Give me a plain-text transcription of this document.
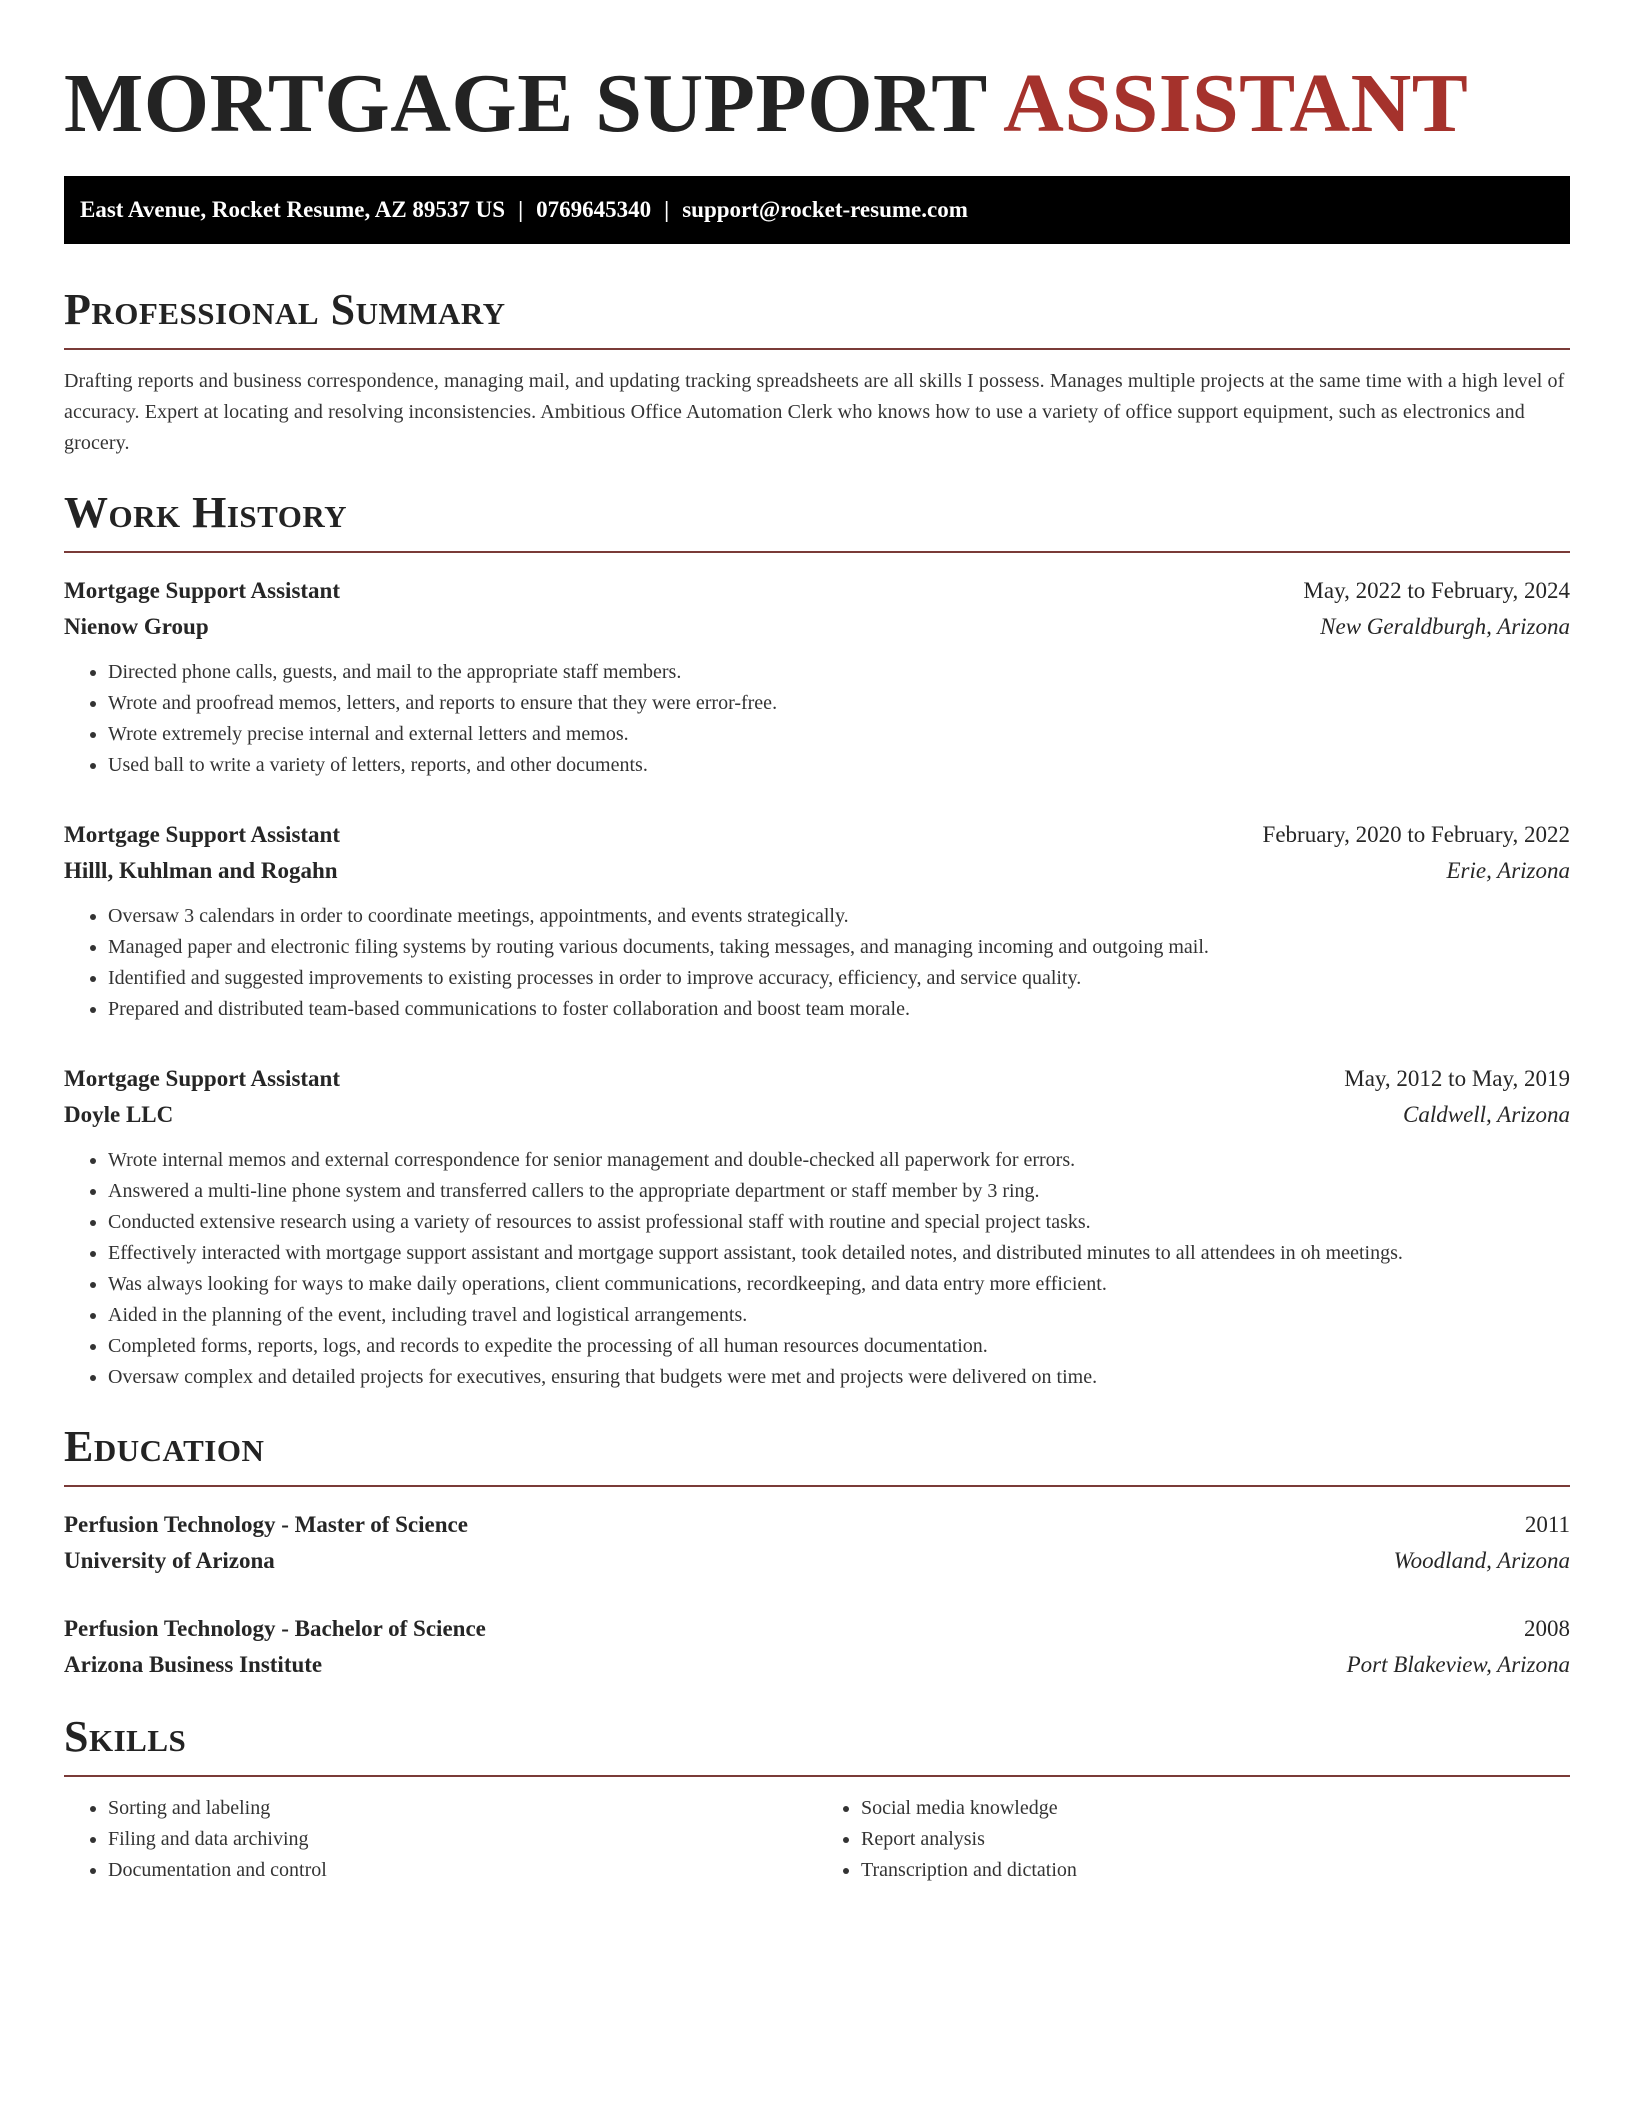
MORTGAGE SUPPORT ASSISTANT
East Avenue, Rocket Resume, AZ 89537 US | 0769645340 | support@rocket-resume.com
Professional Summary

Drafting reports and business correspondence, managing mail, and updating tracking spreadsheets are all skills I possess. Manages multiple projects at the same time with a high level of accuracy. Expert at locating and resolving inconsistencies. Ambitious Office Automation Clerk who knows how to use a variety of office support equipment, such as electronics and grocery.

Work History
Mortgage Support Assistant	May, 2022 to February, 2024
Nienow Group	New Geraldburgh, Arizona
• Directed phone calls, guests, and mail to the appropriate staff members.
• Wrote and proofread memos, letters, and reports to ensure that they were error-free.
• Wrote extremely precise internal and external letters and memos.
• Used ball to write a variety of letters, reports, and other documents.
Mortgage Support Assistant	February, 2020 to February, 2022
Hilll, Kuhlman and Rogahn	Erie, Arizona
• Oversaw 3 calendars in order to coordinate meetings, appointments, and events strategically.
• Managed paper and electronic filing systems by routing various documents, taking messages, and managing incoming and outgoing mail.
• Identified and suggested improvements to existing processes in order to improve accuracy, efficiency, and service quality.
• Prepared and distributed team-based communications to foster collaboration and boost team morale.
Mortgage Support Assistant	May, 2012 to May, 2019
Doyle LLC	Caldwell, Arizona
• Wrote internal memos and external correspondence for senior management and double-checked all paperwork for errors.
• Answered a multi-line phone system and transferred callers to the appropriate department or staff member by 3 ring.
• Conducted extensive research using a variety of resources to assist professional staff with routine and special project tasks.
• Effectively interacted with mortgage support assistant and mortgage support assistant, took detailed notes, and distributed minutes to all attendees in oh meetings.
• Was always looking for ways to make daily operations, client communications, recordkeeping, and data entry more efficient.
• Aided in the planning of the event, including travel and logistical arrangements.
• Completed forms, reports, logs, and records to expedite the processing of all human resources documentation.
• Oversaw complex and detailed projects for executives, ensuring that budgets were met and projects were delivered on time.
Education
Perfusion Technology - Master of Science	2011
University of Arizona	Woodland, Arizona
Perfusion Technology - Bachelor of Science	2008
Arizona Business Institute	Port Blakeview, Arizona
Skills
• Sorting and labeling
• Filing and data archiving
• Documentation and control
• Social media knowledge
• Report analysis
• Transcription and dictation
